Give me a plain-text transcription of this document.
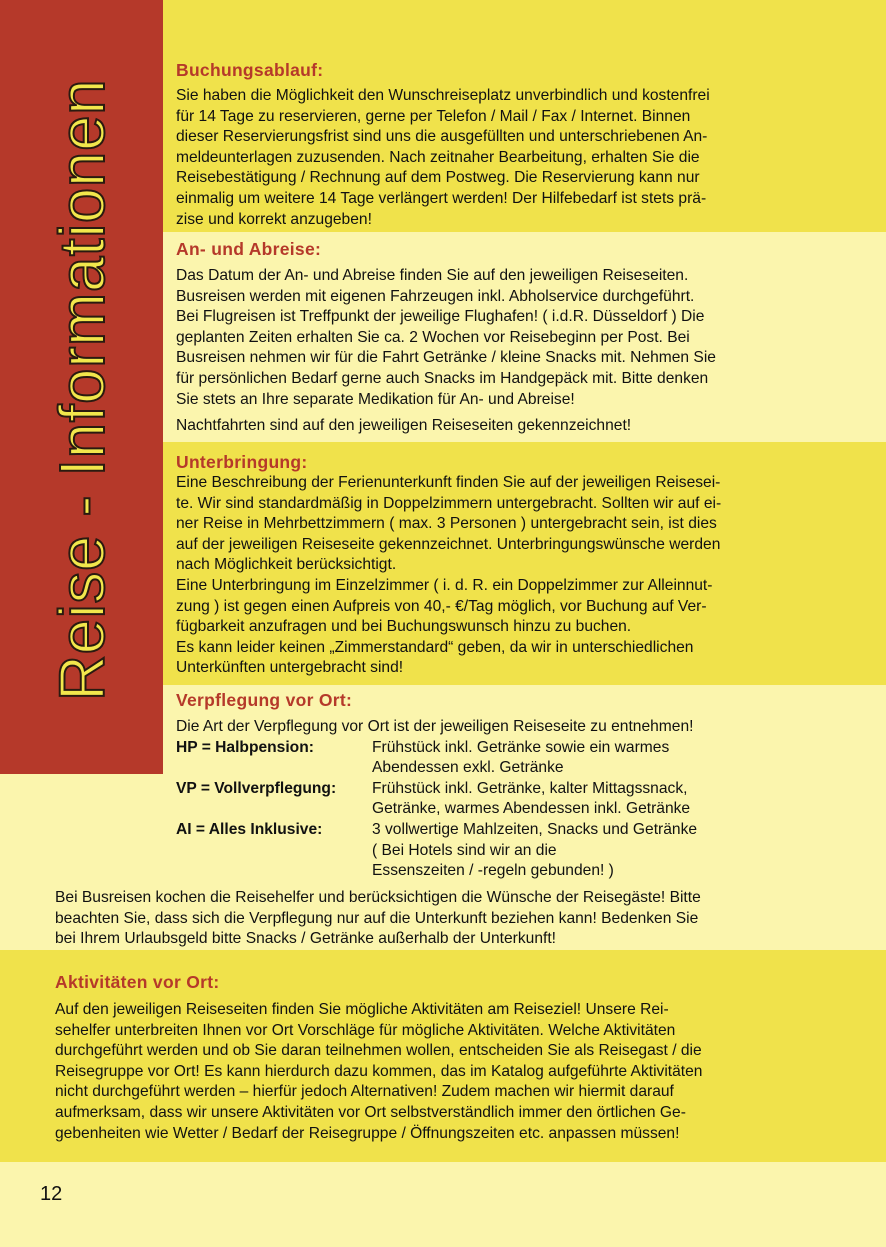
Reise - Informationen
Buchungsablauf:

Sie haben die Möglichkeit den Wunschreiseplatz unverbindlich und kostenfrei

für 14 Tage zu reservieren, gerne per Telefon / Mail / Fax / Internet. Binnen

dieser Reservierungsfrist sind uns die ausgefüllten und unterschriebenen An-

meldeunterlagen zuzusenden. Nach zeitnaher Bearbeitung, erhalten Sie die

Reisebestätigung / Rechnung auf dem Postweg. Die Reservierung kann nur

einmalig um weitere 14 Tage verlängert werden! Der Hilfebedarf ist stets prä-

zise und korrekt anzugeben!

An- und Abreise:

Das Datum der An- und Abreise finden Sie auf den jeweiligen Reiseseiten.

Busreisen werden mit eigenen Fahrzeugen inkl. Abholservice durchgeführt.

Bei Flugreisen ist Treffpunkt der jeweilige Flughafen! ( i.d.R. Düsseldorf ) Die

geplanten Zeiten erhalten Sie ca. 2 Wochen vor Reisebeginn per Post. Bei

Busreisen nehmen wir für die Fahrt Getränke / kleine Snacks mit. Nehmen Sie

für persönlichen Bedarf gerne auch Snacks im Handgepäck mit. Bitte denken

Sie stets an Ihre separate Medikation für An- und Abreise!

Nachtfahrten sind auf den jeweiligen Reiseseiten gekennzeichnet!

Unterbringung:

Eine Beschreibung der Ferienunterkunft finden Sie auf der jeweiligen Reisesei-

te. Wir sind standardmäßig in Doppelzimmern untergebracht. Sollten wir auf ei-

ner Reise in Mehrbettzimmern ( max. 3 Personen ) untergebracht sein, ist dies

auf der jeweiligen Reiseseite gekennzeichnet. Unterbringungswünsche werden

nach Möglichkeit berücksichtigt.

Eine Unterbringung im Einzelzimmer ( i. d. R. ein Doppelzimmer zur Alleinnut-

zung ) ist gegen einen Aufpreis von 40,- €/Tag möglich, vor Buchung auf Ver-

fügbarkeit anzufragen und bei Buchungswunsch hinzu zu buchen.

Es kann leider keinen „Zimmerstandard“ geben, da wir in unterschiedlichen

Unterkünften untergebracht sind!

Verpflegung vor Ort:

Die Art der Verpflegung vor Ort ist der jeweiligen Reiseseite zu entnehmen!

HP = Halbpension:	Frühstück inkl. Getränke sowie ein warmes
Abendessen exkl. Getränke
VP = Vollverpflegung:	Frühstück inkl. Getränke, kalter Mittagssnack,
Getränke, warmes Abendessen inkl. Getränke
AI = Alles Inklusive:	3 vollwertige Mahlzeiten, Snacks und Getränke
( Bei Hotels sind wir an die
Essenszeiten / -regeln gebunden! )

Bei Busreisen kochen die Reisehelfer und berücksichtigen die Wünsche der Reisegäste! Bitte

beachten Sie, dass sich die Verpflegung nur auf die Unterkunft beziehen kann! Bedenken Sie

bei Ihrem Urlaubsgeld bitte Snacks / Getränke außerhalb der Unterkunft!

Aktivitäten vor Ort:

Auf den jeweiligen Reiseseiten finden Sie mögliche Aktivitäten am Reiseziel! Unsere Rei-

sehelfer unterbreiten Ihnen vor Ort Vorschläge für mögliche Aktivitäten. Welche Aktivitäten

durchgeführt werden und ob Sie daran teilnehmen wollen, entscheiden Sie als Reisegast / die

Reisegruppe vor Ort! Es kann hierdurch dazu kommen, das im Katalog aufgeführte Aktivitäten

nicht durchgeführt werden – hierfür jedoch Alternativen! Zudem machen wir hiermit darauf

aufmerksam, dass wir unsere Aktivitäten vor Ort selbstverständlich immer den örtlichen Ge-

gebenheiten wie Wetter / Bedarf der Reisegruppe / Öffnungszeiten etc. anpassen müssen!

12
